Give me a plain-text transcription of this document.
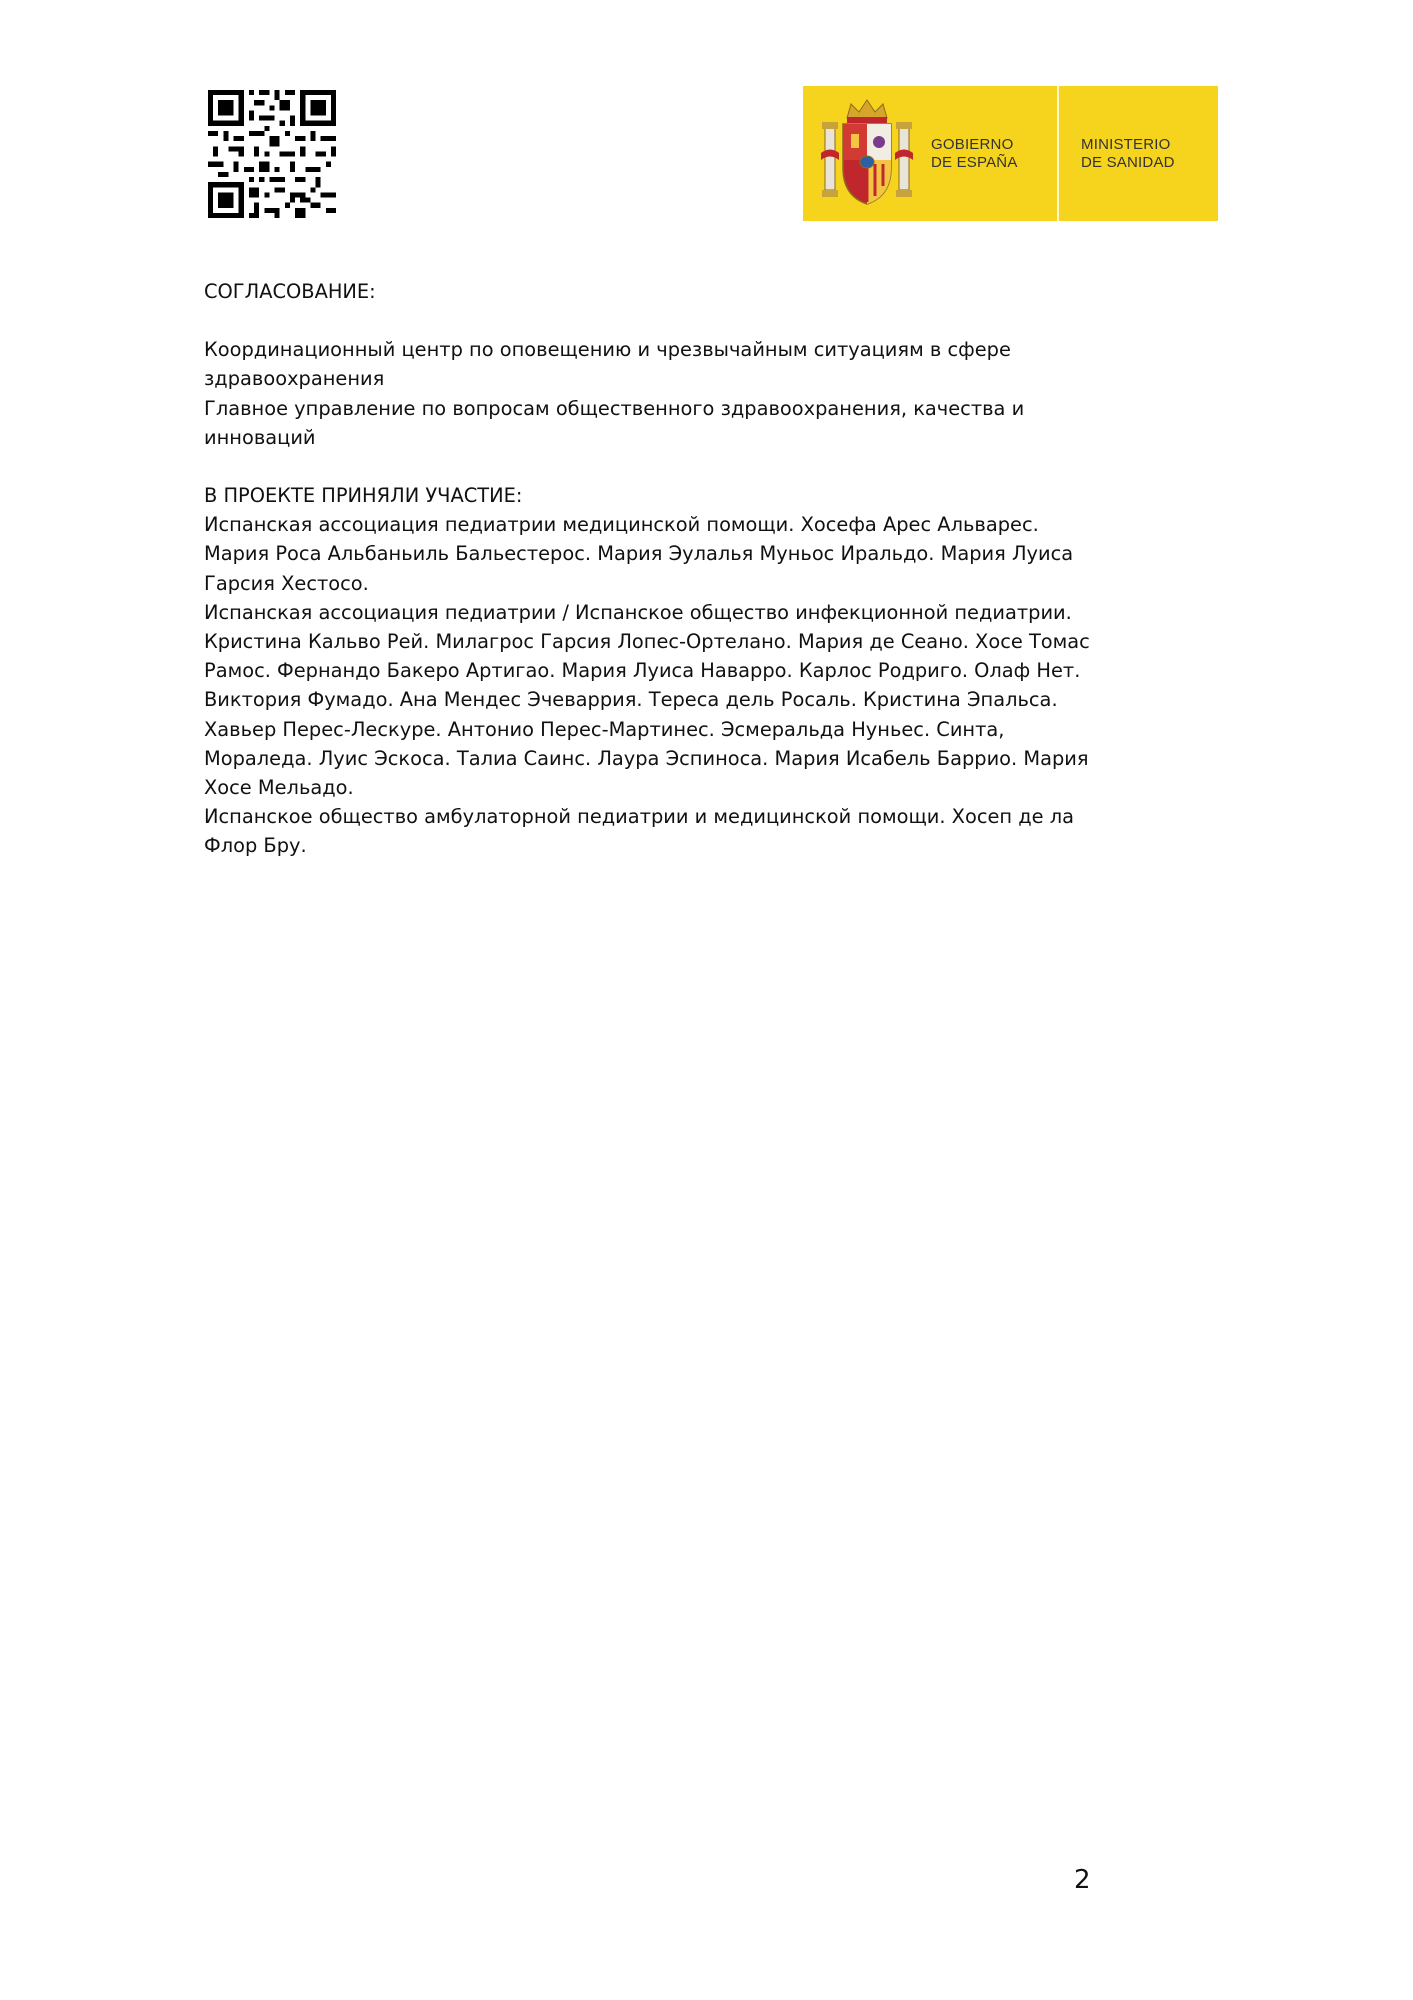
GOBIERNO
DE ESPAÑA
MINISTERIO
DE SANIDAD

СОГЛАСОВАНИЕ:

Координационный центр по оповещению и чрезвычайным ситуациям в сфере

здравоохранения

Главное управление по вопросам общественного здравоохранения, качества и

инноваций

В ПРОЕКТЕ ПРИНЯЛИ УЧАСТИЕ:

Испанская ассоциация педиатрии медицинской помощи. Хосефа Арес Альварес.

Мария Роса Альбаньиль Бальестерос. Мария Эулалья Муньос Иральдо. Мария Луиса

Гарсия Хестосо.

Испанская ассоциация педиатрии / Испанское общество инфекционной педиатрии.

Кристина Кальво Рей. Милагрос Гарсия Лопес-Ортелано. Мария де Сеано. Хосе Томас

Рамос. Фернандо Бакеро Артигао. Мария Луиса Наварро. Карлос Родриго. Олаф Нет.

Виктория Фумадо. Ана Мендес Эчеваррия. Тереса дель Росаль. Кристина Эпальса.

Хавьер Перес-Лескуре. Антонио Перес-Мартинес. Эсмеральда Нуньес. Синта,

Мораледа. Луис Эскоса. Талиа Саинс. Лаура Эспиноса. Мария Исабель Баррио. Мария

Хосе Мельадо.

Испанское общество амбулаторной педиатрии и медицинской помощи. Хосеп де ла

Флор Бру.

2
